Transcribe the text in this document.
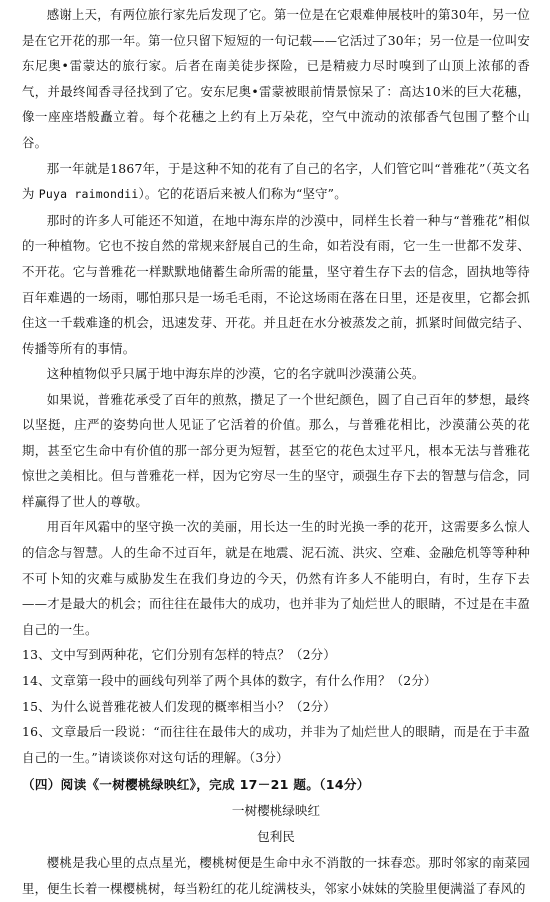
感谢上天，有两位旅行家先后发现了它。第一位是在它艰难伸展枝叶的第30年，另一位是在它开花的那一年。第一位只留下短短的一句记载——它活过了30年；另一位是一位叫安东尼奥•雷蒙达的旅行家。后者在南美徒步探险，已是精疲力尽时嗅到了山顶上浓郁的香气，并最终闻香寻径找到了它。安东尼奥•雷蒙被眼前情景惊呆了：高达10米的巨大花穗，像一座座塔般矗立着。每个花穗之上约有上万朵花，空气中流动的浓郁香气包围了整个山谷。

那一年就是1867年，于是这种不知的花有了自己的名字，人们管它叫“普雅花”（英文名为 Puya raimondii）。它的花语后来被人们称为“坚守”。

那时的许多人可能还不知道，在地中海东岸的沙漠中，同样生长着一种与“普雅花”相似的一种植物。它也不按自然的常规来舒展自己的生命，如若没有雨，它一生一世都不发芽、不开花。它与普雅花一样默默地储蓄生命所需的能量，坚守着生存下去的信念，固执地等待百年难遇的一场雨，哪怕那只是一场毛毛雨，不论这场雨在落在日里，还是夜里，它都会抓住这一千载难逢的机会，迅速发芽、开花。并且赶在水分被蒸发之前，抓紧时间做完结子、传播等所有的事情。

这种植物似乎只属于地中海东岸的沙漠，它的名字就叫沙漠蒲公英。

如果说，普雅花承受了百年的煎熬，攒足了一个世纪颜色，圆了自己百年的梦想，最终以坚挺，庄严的姿势向世人见证了它活着的价值。那么，与普雅花相比，沙漠蒲公英的花期，甚至它生命中有价值的那一部分更为短暂，甚至它的花色太过平凡，根本无法与普雅花惊世之美相比。但与普雅花一样，因为它穷尽一生的坚守，顽强生存下去的智慧与信念，同样赢得了世人的尊敬。

用百年风霜中的坚守换一次的美丽，用长达一生的时光换一季的花开，这需要多么惊人的信念与智慧。人的生命不过百年，就是在地震、泥石流、洪灾、空难、金融危机等等种种不可卜知的灾难与威胁发生在我们身边的今天，仍然有许多人不能明白，有时，生存下去——才是最大的机会；而往往在最伟大的成功，也并非为了灿烂世人的眼睛，不过是在丰盈自己的一生。

13、文中写到两种花，它们分别有怎样的特点？（2分）

14、文章第一段中的画线句列举了两个具体的数字，有什么作用？（2分）

15、为什么说普雅花被人们发现的概率相当小？（2分）

16、文章最后一段说：“而往往在最伟大的成功，并非为了灿烂世人的眼睛，而是在于丰盈自己的一生。”请谈谈你对这句话的理解。（3分）

（四）阅读《一树樱桃绿映红》，完成 17－21 题。（14分）

一树樱桃绿映红

包利民

樱桃是我心里的点点星光，樱桃树便是生命中永不消散的一抹春恋。那时邻家的南菜园里，便生长着一棵樱桃树，每当粉红的花儿绽满枝头，邻家小妹妹的笑脸里便满溢了春风的
